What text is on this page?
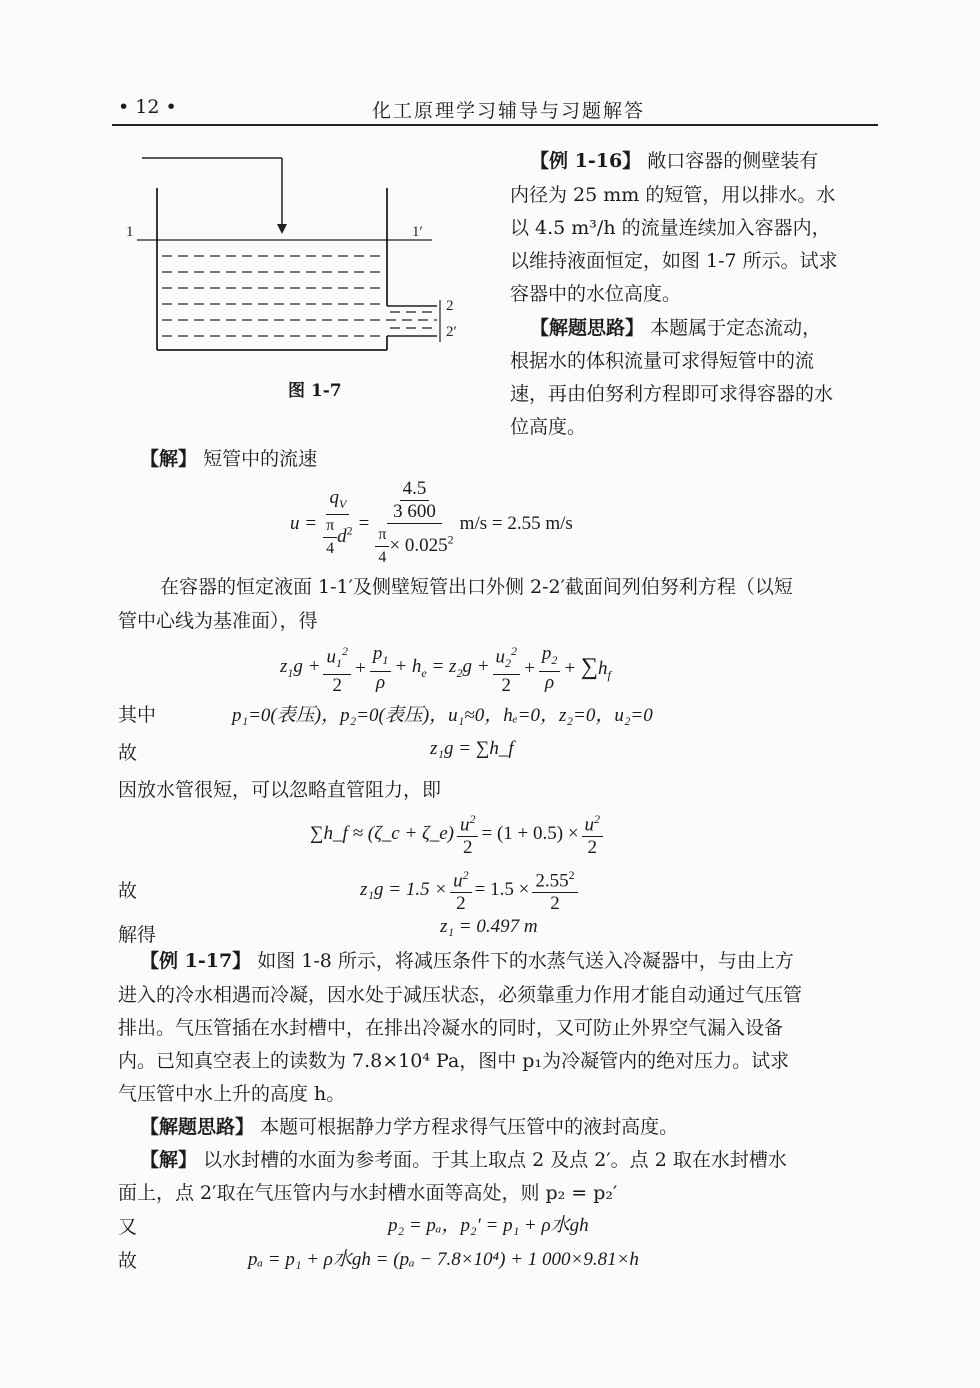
• 12 •	化工原理学习辅导与习题解答
1	1′
2
2′
图 1-7
【例 1-16】 敞口容器的侧壁装有
内径为 25 mm 的短管，用以排水。水
以 4.5 m³/h 的流量连续加入容器内，
以维持液面恒定，如图 1-7 所示。试求
容器中的水位高度。
【解题思路】 本题属于定态流动，
根据水的体积流量可求得短管中的流
速，再由伯努利方程即可求得容器的水
位高度。
【解】 短管中的流速
$u = \frac{q_V}{\frac{\pi}{4} d^2} = \frac{\frac{4.5}{3 600}}{\frac{\pi}{4} \times 0.025^2} m/s = 2.55$ m/s
在容器的恒定液面 1-1′及侧壁短管出口外侧 2-2′截面间列伯努利方程（以短
管中心线为基准面），得
$z_1g + \frac{u_1^2}{2} + \frac{p_1}{\rho} + h_e = z_2g + \frac{u_2^2}{2} + \frac{p_2}{\rho} + \sum h_f$
其中	p₁=0(表压)，p₂=0(表压)，u₁≈0，hₑ=0，z₂=0，u₂=0
故	z₁g = ∑h_f
因放水管很短，可以忽略直管阻力，即
∑h_f ≈ (ζ_c + ζ_e) $\frac{u^2}{2} = (1 + 0.5) \times \frac{u^2}{2}$
故	$z_1g = 1.5 \times \frac{u^2}{2} = 1.5 \times \frac{2.55^2}{2}$
解得	z₁ = 0.497 m
【例 1-17】 如图 1-8 所示，将减压条件下的水蒸气送入冷凝器中，与由上方
进入的冷水相遇而冷凝，因水处于减压状态，必须靠重力作用才能自动通过气压管
排出。气压管插在水封槽中，在排出冷凝水的同时，又可防止外界空气漏入设备
内。已知真空表上的读数为 7.8×10⁴ Pa，图中 p₁为冷凝管内的绝对压力。试求
气压管中水上升的高度 h。
【解题思路】 本题可根据静力学方程求得气压管中的液封高度。
【解】 以水封槽的水面为参考面。于其上取点 2 及点 2′。点 2 取在水封槽水
面上，点 2′取在气压管内与水封槽水面等高处，则 p₂ = p₂′
又	p₂ = pₐ，p₂′ = p₁ + ρ水gh
故	pₐ = p₁ + ρ水gh = (pₐ − 7.8×10⁴) + 1 000×9.81×h
